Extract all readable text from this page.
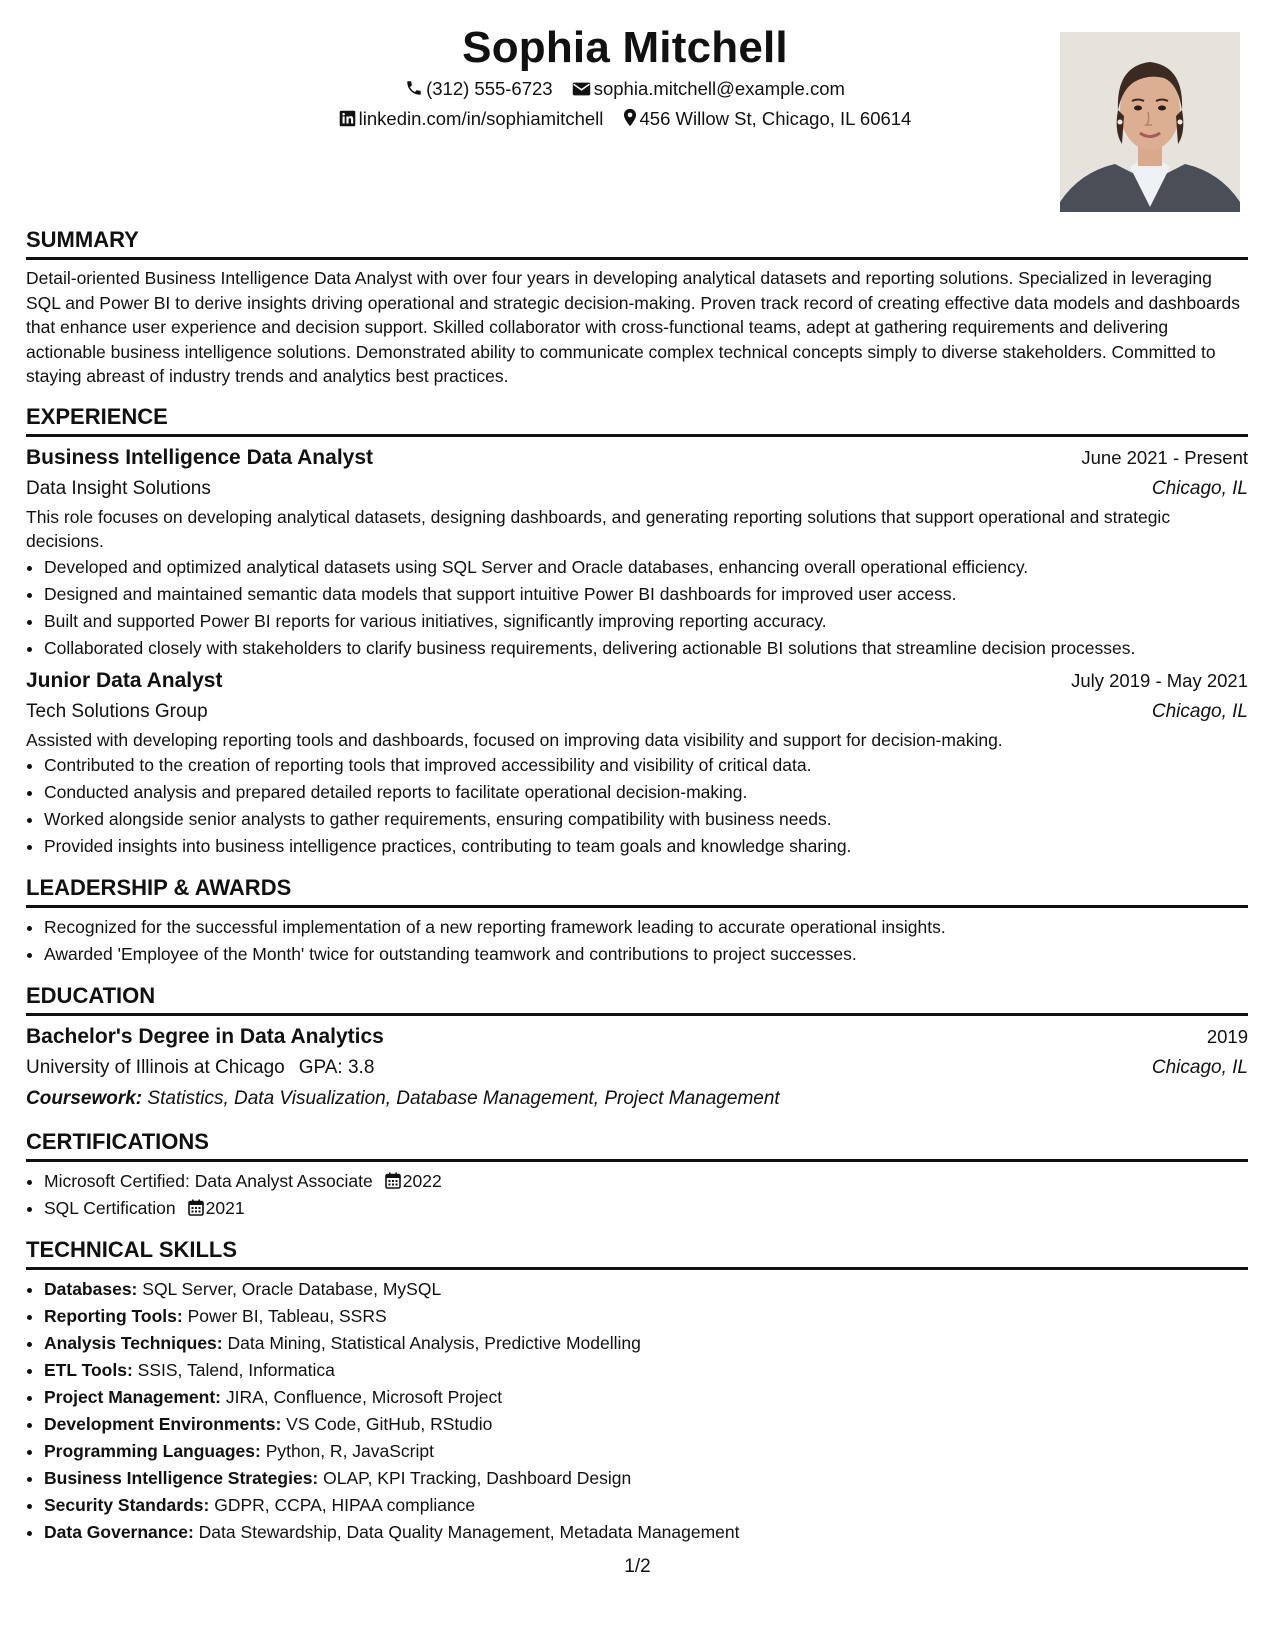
Sophia Mitchell
(312) 555-6723 sophia.mitchell@example.com
linkedin.com/in/sophiamitchell 456 Willow St, Chicago, IL 60614
SUMMARY
Detail-oriented Business Intelligence Data Analyst with over four years in developing analytical datasets and reporting solutions. Specialized in leveraging SQL and Power BI to derive insights driving operational and strategic decision-making. Proven track record of creating effective data models and dashboards that enhance user experience and decision support. Skilled collaborator with cross-functional teams, adept at gathering requirements and delivering actionable business intelligence solutions. Demonstrated ability to communicate complex technical concepts simply to diverse stakeholders. Committed to staying abreast of industry trends and analytics best practices.
EXPERIENCE
Business Intelligence Data Analyst	June 2021 - Present
Data Insight Solutions	Chicago, IL
This role focuses on developing analytical datasets, designing dashboards, and generating reporting solutions that support operational and strategic decisions.
• Developed and optimized analytical datasets using SQL Server and Oracle databases, enhancing overall operational efficiency.
• Designed and maintained semantic data models that support intuitive Power BI dashboards for improved user access.
• Built and supported Power BI reports for various initiatives, significantly improving reporting accuracy.
• Collaborated closely with stakeholders to clarify business requirements, delivering actionable BI solutions that streamline decision processes.
Junior Data Analyst	July 2019 - May 2021
Tech Solutions Group	Chicago, IL
Assisted with developing reporting tools and dashboards, focused on improving data visibility and support for decision-making.
• Contributed to the creation of reporting tools that improved accessibility and visibility of critical data.
• Conducted analysis and prepared detailed reports to facilitate operational decision-making.
• Worked alongside senior analysts to gather requirements, ensuring compatibility with business needs.
• Provided insights into business intelligence practices, contributing to team goals and knowledge sharing.
LEADERSHIP & AWARDS
• Recognized for the successful implementation of a new reporting framework leading to accurate operational insights.
• Awarded 'Employee of the Month' twice for outstanding teamwork and contributions to project successes.
EDUCATION
Bachelor's Degree in Data Analytics	2019
University of Illinois at Chicago GPA: 3.8	Chicago, IL
Coursework: Statistics, Data Visualization, Database Management, Project Management
CERTIFICATIONS
• Microsoft Certified: Data Analyst Associate 2022
• SQL Certification 2021
TECHNICAL SKILLS
• Databases: SQL Server, Oracle Database, MySQL
• Reporting Tools: Power BI, Tableau, SSRS
• Analysis Techniques: Data Mining, Statistical Analysis, Predictive Modelling
• ETL Tools: SSIS, Talend, Informatica
• Project Management: JIRA, Confluence, Microsoft Project
• Development Environments: VS Code, GitHub, RStudio
• Programming Languages: Python, R, JavaScript
• Business Intelligence Strategies: OLAP, KPI Tracking, Dashboard Design
• Security Standards: GDPR, CCPA, HIPAA compliance
• Data Governance: Data Stewardship, Data Quality Management, Metadata Management
1/2
